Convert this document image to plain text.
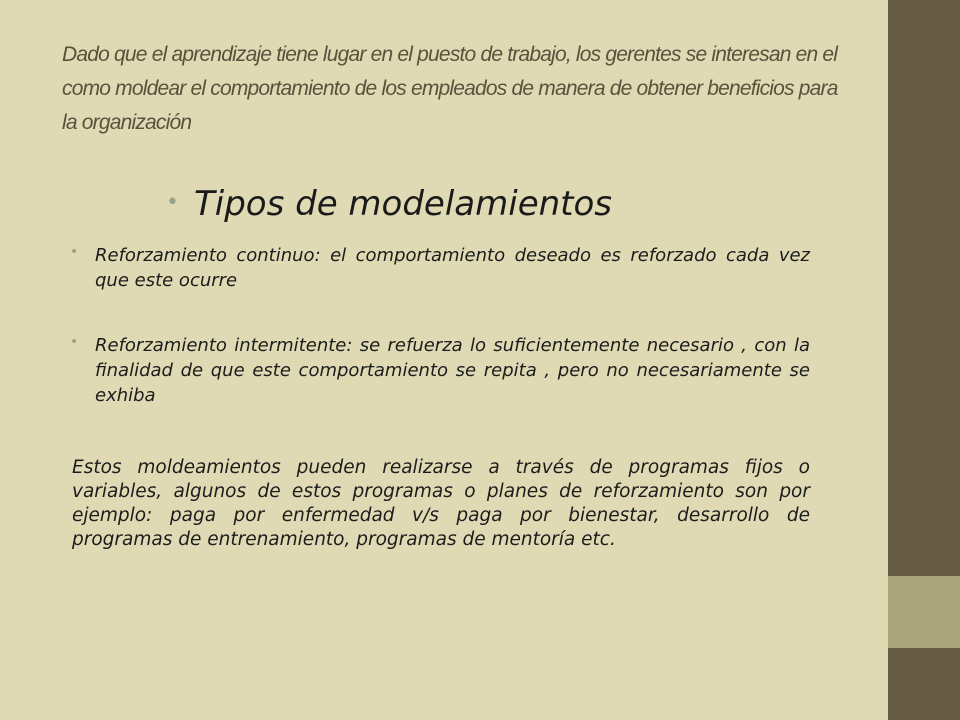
Dado que el aprendizaje tiene lugar en el puesto de trabajo, los gerentes se interesan en el como moldear el comportamiento de los empleados de manera de obtener beneficios para la organización
• Tipos de modelamientos
• Reforzamiento continuo: el comportamiento deseado es reforzado cada vez que este ocurre
• Reforzamiento intermitente: se refuerza lo suficientemente necesario , con la finalidad de que este comportamiento se repita , pero no necesariamente se exhiba

Estos moldeamientos pueden realizarse a través de programas fijos o variables, algunos de estos programas o planes de reforzamiento son por ejemplo: paga por enfermedad v/s paga por bienestar, desarrollo de programas de entrenamiento, programas de mentoría etc.
